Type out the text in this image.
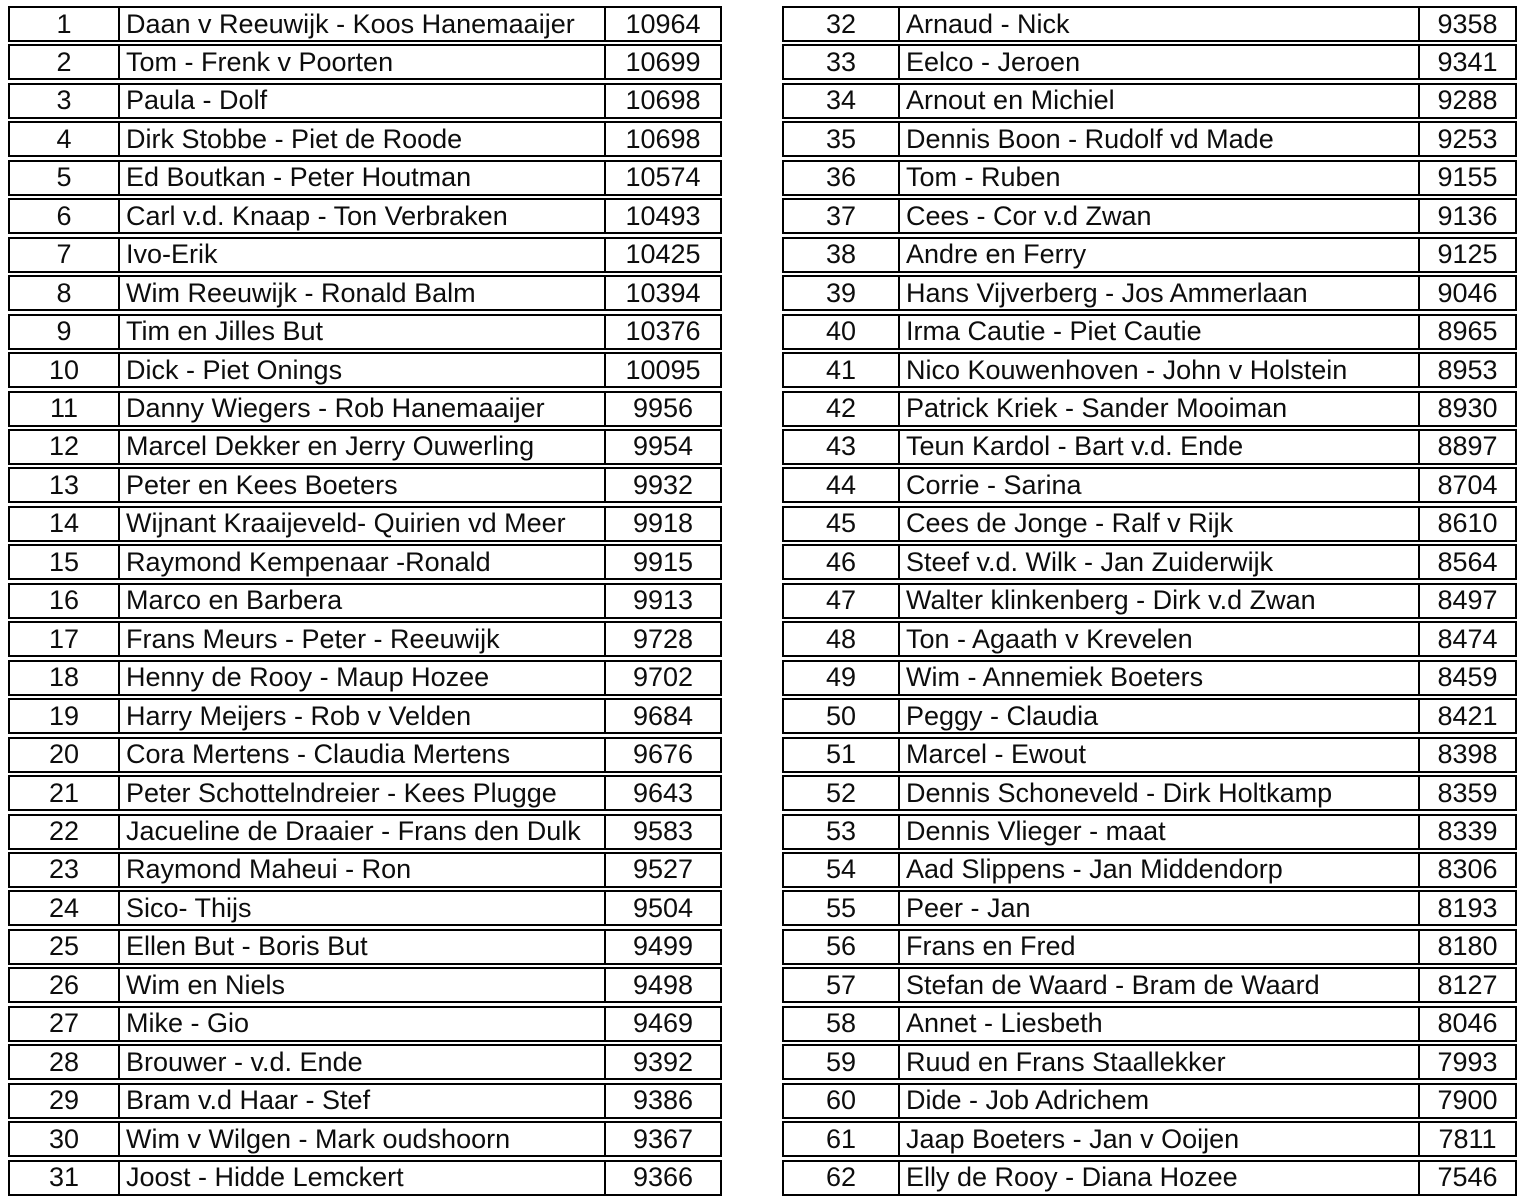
1	Daan v Reeuwijk - Koos Hanemaaijer	10964
2	Tom - Frenk v Poorten	10699
3	Paula - Dolf	10698
4	Dirk Stobbe - Piet de Roode	10698
5	Ed Boutkan - Peter Houtman	10574
6	Carl v.d. Knaap - Ton Verbraken	10493
7	Ivo-Erik	10425
8	Wim Reeuwijk - Ronald Balm	10394
9	Tim en Jilles But	10376
10	Dick - Piet Onings	10095
11	Danny Wiegers - Rob Hanemaaijer	9956
12	Marcel Dekker en Jerry Ouwerling	9954
13	Peter en Kees Boeters	9932
14	Wijnant Kraaijeveld- Quirien vd Meer	9918
15	Raymond Kempenaar -Ronald	9915
16	Marco en Barbera	9913
17	Frans Meurs - Peter - Reeuwijk	9728
18	Henny de Rooy - Maup Hozee	9702
19	Harry Meijers - Rob v Velden	9684
20	Cora Mertens - Claudia Mertens	9676
21	Peter Schottelndreier - Kees Plugge	9643
22	Jacueline de Draaier - Frans den Dulk	9583
23	Raymond Maheui - Ron	9527
24	Sico- Thijs	9504
25	Ellen But - Boris But	9499
26	Wim en Niels	9498
27	Mike - Gio	9469
28	Brouwer - v.d. Ende	9392
29	Bram v.d Haar - Stef	9386
30	Wim v Wilgen - Mark oudshoorn	9367
31	Joost - Hidde Lemckert	9366
32	Arnaud - Nick	9358
33	Eelco - Jeroen	9341
34	Arnout en Michiel	9288
35	Dennis Boon - Rudolf vd Made	9253
36	Tom - Ruben	9155
37	Cees - Cor v.d Zwan	9136
38	Andre en Ferry	9125
39	Hans Vijverberg - Jos Ammerlaan	9046
40	Irma Cautie - Piet Cautie	8965
41	Nico Kouwenhoven - John v Holstein	8953
42	Patrick Kriek - Sander Mooiman	8930
43	Teun Kardol - Bart v.d. Ende	8897
44	Corrie - Sarina	8704
45	Cees de Jonge - Ralf v Rijk	8610
46	Steef v.d. Wilk - Jan Zuiderwijk	8564
47	Walter klinkenberg - Dirk v.d Zwan	8497
48	Ton - Agaath v Krevelen	8474
49	Wim - Annemiek Boeters	8459
50	Peggy - Claudia	8421
51	Marcel - Ewout	8398
52	Dennis Schoneveld - Dirk Holtkamp	8359
53	Dennis Vlieger - maat	8339
54	Aad Slippens - Jan Middendorp	8306
55	Peer - Jan	8193
56	Frans en Fred	8180
57	Stefan de Waard - Bram de Waard	8127
58	Annet - Liesbeth	8046
59	Ruud en Frans Staallekker	7993
60	Dide - Job Adrichem	7900
61	Jaap Boeters - Jan v Ooijen	7811
62	Elly de Rooy - Diana Hozee	7546
